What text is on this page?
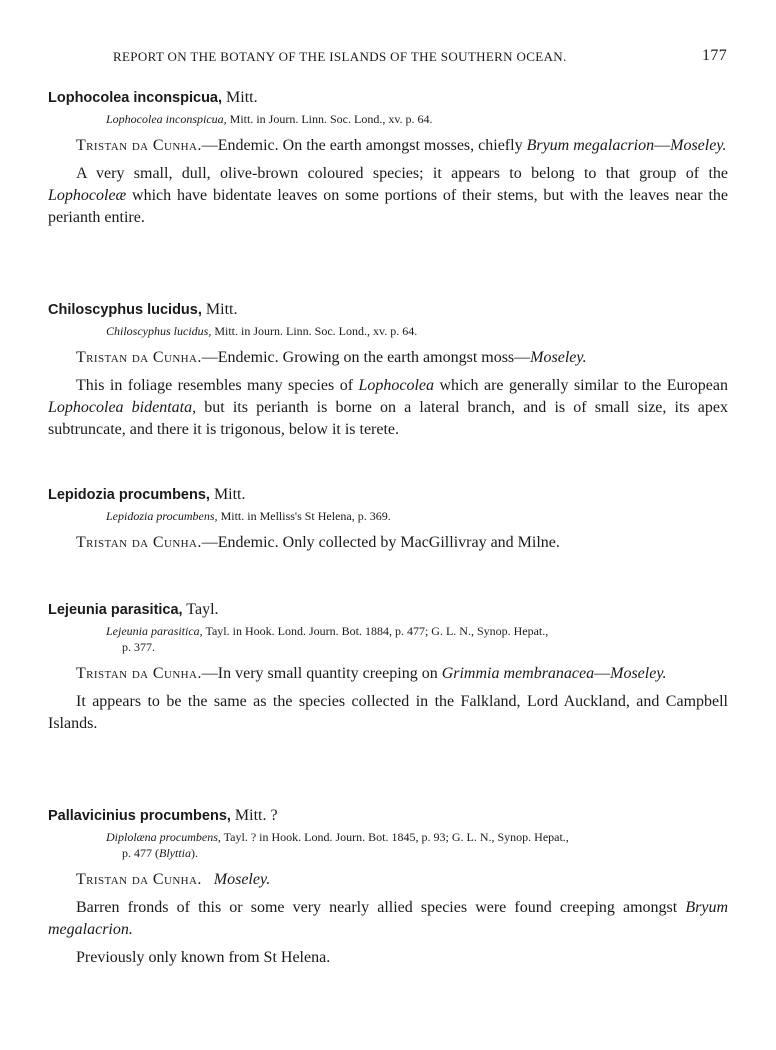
REPORT ON THE BOTANY OF THE ISLANDS OF THE SOUTHERN OCEAN.	177

Lophocolea inconspicua, Mitt.

Lophocolea inconspicua, Mitt. in Journ. Linn. Soc. Lond., xv. p. 64.

Tristan da Cunha.—Endemic. On the earth amongst mosses, chiefly Bryum megalacrion—Moseley.

A very small, dull, olive-brown coloured species; it appears to belong to that group of the Lophocoleæ which have bidentate leaves on some portions of their stems, but with the leaves near the perianth entire.

Chiloscyphus lucidus, Mitt.

Chiloscyphus lucidus, Mitt. in Journ. Linn. Soc. Lond., xv. p. 64.

Tristan da Cunha.—Endemic. Growing on the earth amongst moss—Moseley.

This in foliage resembles many species of Lophocolea which are generally similar to the European Lophocolea bidentata, but its perianth is borne on a lateral branch, and is of small size, its apex subtruncate, and there it is trigonous, below it is terete.

Lepidozia procumbens, Mitt.

Lepidozia procumbens, Mitt. in Melliss's St Helena, p. 369.

Tristan da Cunha.—Endemic. Only collected by MacGillivray and Milne.

Lejeunia parasitica, Tayl.

Lejeunia parasitica, Tayl. in Hook. Lond. Journ. Bot. 1884, p. 477; G. L. N., Synop. Hepat.,
p. 377.

Tristan da Cunha.—In very small quantity creeping on Grimmia membranacea—Moseley.

It appears to be the same as the species collected in the Falkland, Lord Auckland, and Campbell Islands.

Pallavicinius procumbens, Mitt. ?

Diplolæna procumbens, Tayl. ? in Hook. Lond. Journ. Bot. 1845, p. 93; G. L. N., Synop. Hepat.,
p. 477 (Blyttia).

Tristan da Cunha. Moseley.

Barren fronds of this or some very nearly allied species were found creeping amongst Bryum megalacrion.

Previously only known from St Helena.
